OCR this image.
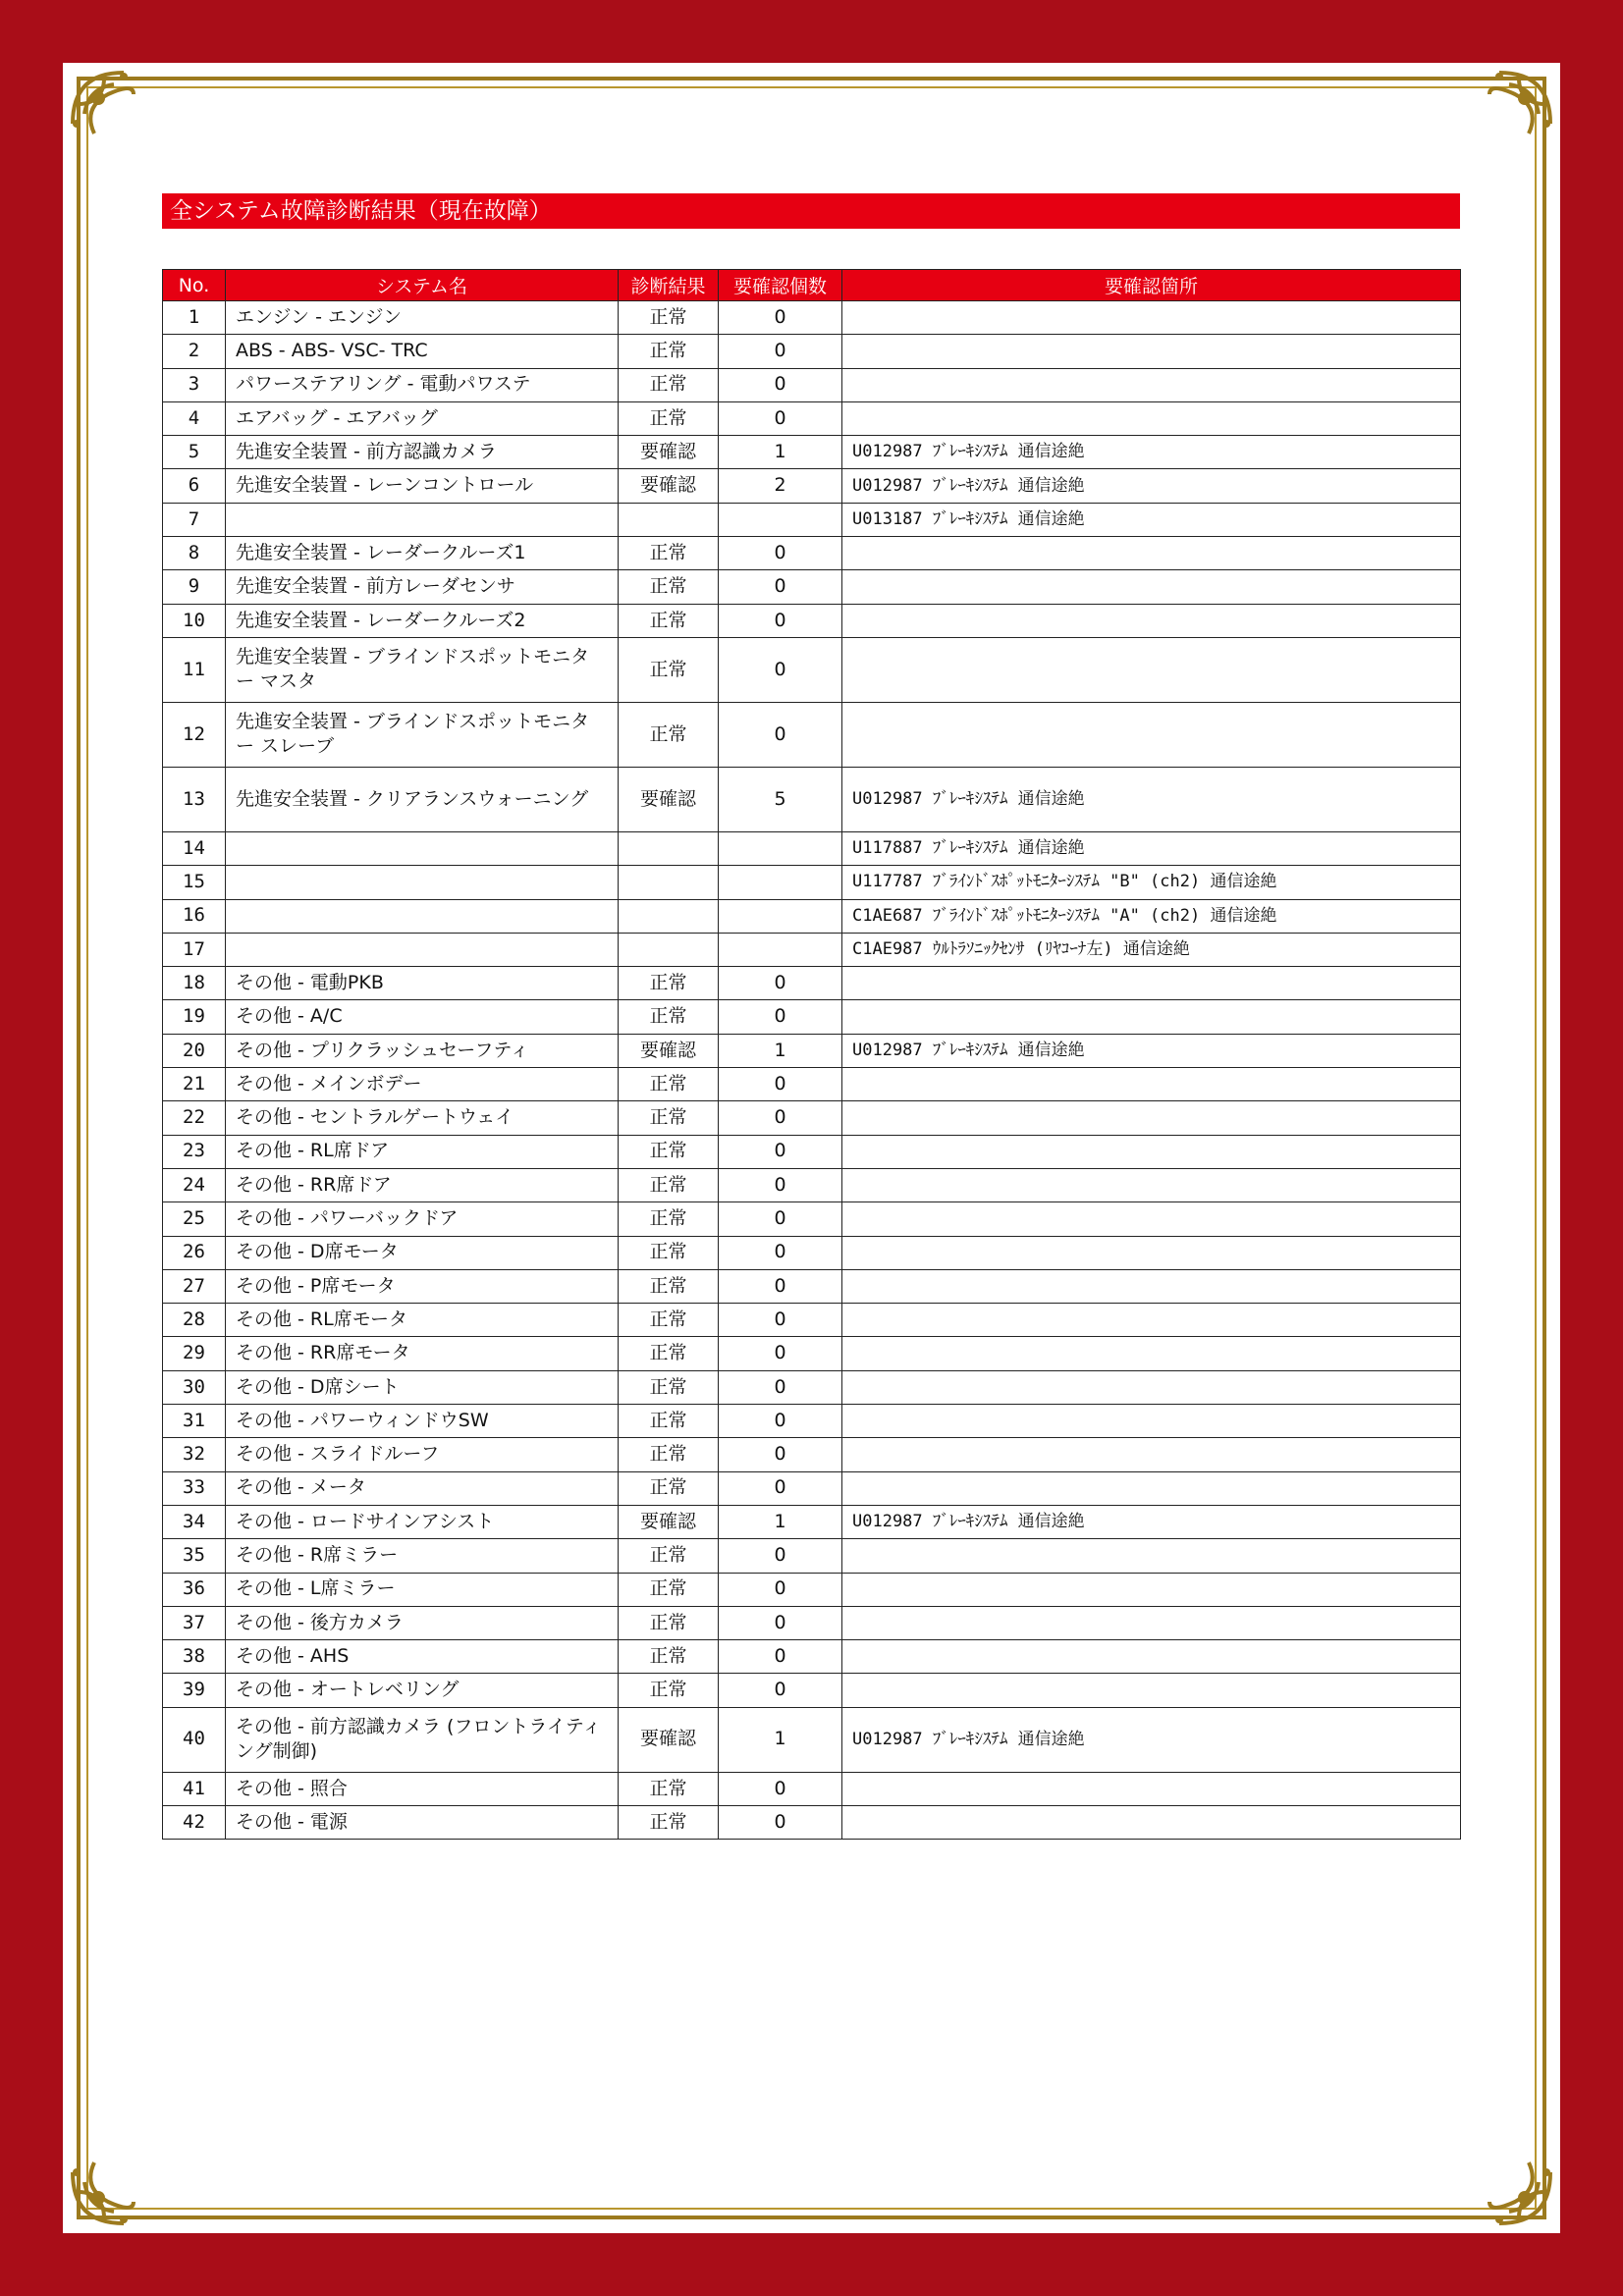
全システム故障診断結果（現在故障）
No.	システム名	診断結果	要確認個数	要確認箇所
1	エンジン - エンジン	正常	0	
2	ABS - ABS- VSC- TRC	正常	0	
3	パワーステアリング - 電動パワステ	正常	0	
4	エアバッグ - エアバッグ	正常	0	
5	先進安全装置 - 前方認識カメラ	要確認	1	U012987 ﾌﾞﾚｰｷｼｽﾃﾑ 通信途絶
6	先進安全装置 - レーンコントロール	要確認	2	U012987 ﾌﾞﾚｰｷｼｽﾃﾑ 通信途絶
7				U013187 ﾌﾞﾚｰｷｼｽﾃﾑ 通信途絶
8	先進安全装置 - レーダークルーズ1	正常	0	
9	先進安全装置 - 前方レーダセンサ	正常	0	
10	先進安全装置 - レーダークルーズ2	正常	0	
11	先進安全装置 - ブラインドスポットモニター マスタ	正常	0	
12	先進安全装置 - ブラインドスポットモニター スレーブ	正常	0	
13	先進安全装置 - クリアランスウォーニング	要確認	5	U012987 ﾌﾞﾚｰｷｼｽﾃﾑ 通信途絶
14				U117887 ﾌﾞﾚｰｷｼｽﾃﾑ 通信途絶
15				U117787 ﾌﾞﾗｲﾝﾄﾞｽﾎﾟｯﾄﾓﾆﾀｰｼｽﾃﾑ "B" (ch2) 通信途絶
16				C1AE687 ﾌﾞﾗｲﾝﾄﾞｽﾎﾟｯﾄﾓﾆﾀｰｼｽﾃﾑ "A" (ch2) 通信途絶
17				C1AE987 ｳﾙﾄﾗｿﾆｯｸｾﾝｻ (ﾘﾔｺｰﾅ左) 通信途絶
18	その他 - 電動PKB	正常	0	
19	その他 - A/C	正常	0	
20	その他 - プリクラッシュセーフティ	要確認	1	U012987 ﾌﾞﾚｰｷｼｽﾃﾑ 通信途絶
21	その他 - メインボデー	正常	0	
22	その他 - セントラルゲートウェイ	正常	0	
23	その他 - RL席ドア	正常	0	
24	その他 - RR席ドア	正常	0	
25	その他 - パワーバックドア	正常	0	
26	その他 - D席モータ	正常	0	
27	その他 - P席モータ	正常	0	
28	その他 - RL席モータ	正常	0	
29	その他 - RR席モータ	正常	0	
30	その他 - D席シート	正常	0	
31	その他 - パワーウィンドウSW	正常	0	
32	その他 - スライドルーフ	正常	0	
33	その他 - メータ	正常	0	
34	その他 - ロードサインアシスト	要確認	1	U012987 ﾌﾞﾚｰｷｼｽﾃﾑ 通信途絶
35	その他 - R席ミラー	正常	0	
36	その他 - L席ミラー	正常	0	
37	その他 - 後方カメラ	正常	0	
38	その他 - AHS	正常	0	
39	その他 - オートレベリング	正常	0	
40	その他 - 前方認識カメラ (フロントライティング制御)	要確認	1	U012987 ﾌﾞﾚｰｷｼｽﾃﾑ 通信途絶
41	その他 - 照合	正常	0	
42	その他 - 電源	正常	0	
